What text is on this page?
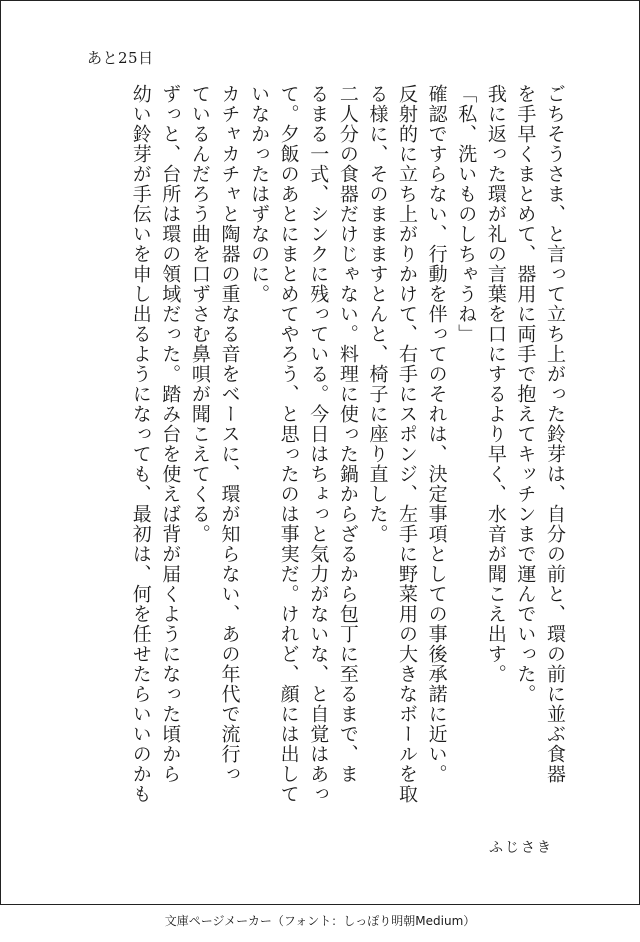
あと25日

ごちそうさま、と言って立ち上がった鈴芽は、自分の前と、環の前に並ぶ食器

を手早くまとめて、器用に両手で抱えてキッチンまで運んでいった。

我に返った環が礼の言葉を口にするより早く、水音が聞こえ出す。

「私、洗いものしちゃうね」

確認ですらない、行動を伴ってのそれは、決定事項としての事後承諾に近い。

反射的に立ち上がりかけて、右手にスポンジ、左手に野菜用の大きなボールを取

る様に、そのままますとんと、椅子に座り直した。

二人分の食器だけじゃない。料理に使った鍋からざるから包丁に至るまで、ま

るまる一式、シンクに残っている。今日はちょっと気力がないな、と自覚はあっ

て。夕飯のあとにまとめてやろう、と思ったのは事実だ。けれど、顔には出して

いなかったはずなのに。

カチャカチャと陶器の重なる音をベースに、環が知らない、あの年代で流行っ

ているんだろう曲を口ずさむ鼻唄が聞こえてくる。

ずっと、台所は環の領域だった。踏み台を使えば背が届くようになった頃から

幼い鈴芽が手伝いを申し出るようになっても、最初は、何を任せたらいいのかも

ふじさき
文庫ページメーカー（フォント：しっぽり明朝Medium）
